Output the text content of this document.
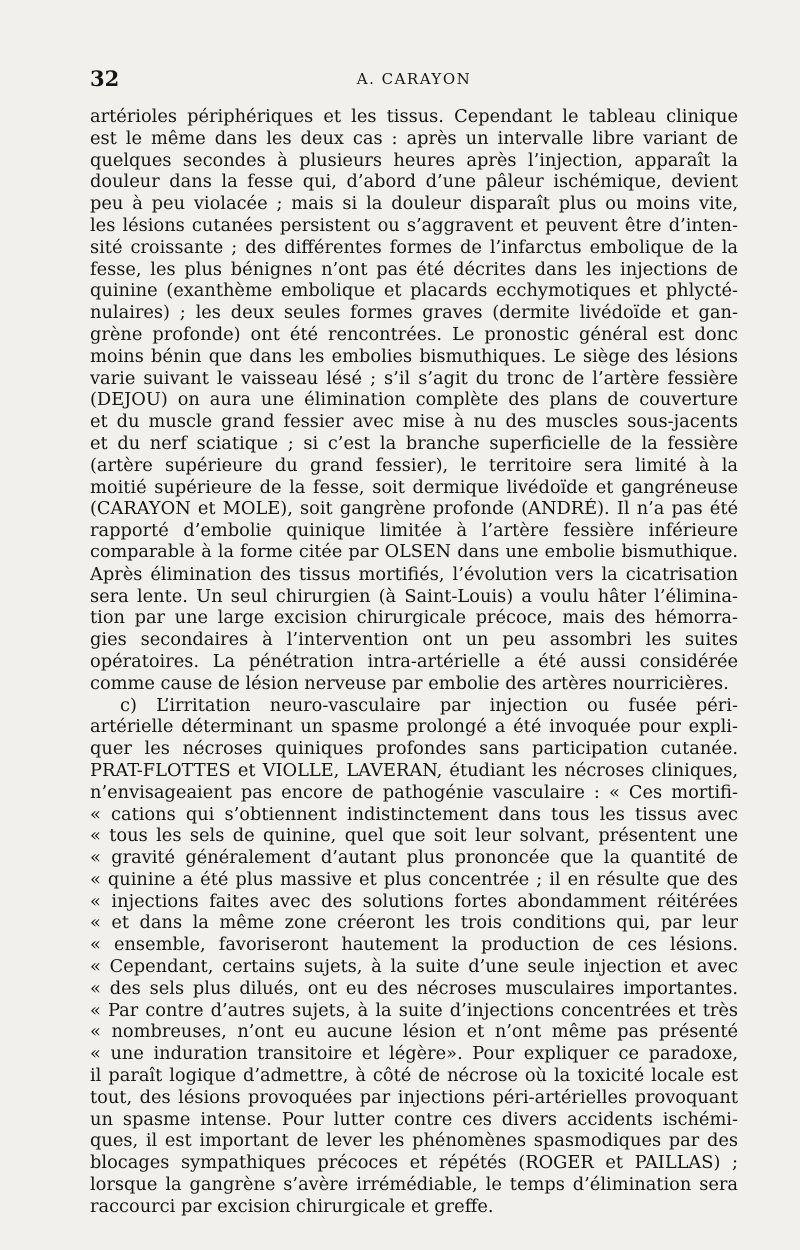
32	A. CARAYON
artérioles périphériques et les tissus. Cependant le tableau clinique
est le même dans les deux cas : après un intervalle libre variant de
quelques secondes à plusieurs heures après l’injection, apparaît la
douleur dans la fesse qui, d’abord d’une pâleur ischémique, devient
peu à peu violacée ; mais si la douleur disparaît plus ou moins vite,
les lésions cutanées persistent ou s’aggravent et peuvent être d’inten-
sité croissante ; des différentes formes de l’infarctus embolique de la
fesse, les plus bénignes n’ont pas été décrites dans les injections de
quinine (exanthème embolique et placards ecchymotiques et phlycté-
nulaires) ; les deux seules formes graves (dermite livédoïde et gan-
grène profonde) ont été rencontrées. Le pronostic général est donc
moins bénin que dans les embolies bismuthiques. Le siège des lésions
varie suivant le vaisseau lésé ; s’il s’agit du tronc de l’artère fessière
(DEJOU) on aura une élimination complète des plans de couverture
et du muscle grand fessier avec mise à nu des muscles sous-jacents
et du nerf sciatique ; si c’est la branche superficielle de la fessière
(artère supérieure du grand fessier), le territoire sera limité à la
moitié supérieure de la fesse, soit dermique livédoïde et gangréneuse
(CARAYON et MOLE), soit gangrène profonde (ANDRÉ). Il n’a pas été
rapporté d’embolie quinique limitée à l’artère fessière inférieure
comparable à la forme citée par OLSEN dans une embolie bismuthique.
Après élimination des tissus mortifiés, l’évolution vers la cicatrisation
sera lente. Un seul chirurgien (à Saint-Louis) a voulu hâter l’élimina-
tion par une large excision chirurgicale précoce, mais des hémorra-
gies secondaires à l’intervention ont un peu assombri les suites
opératoires. La pénétration intra-artérielle a été aussi considérée
comme cause de lésion nerveuse par embolie des artères nourricières.
c) L’irritation neuro-vasculaire par injection ou fusée péri-
artérielle déterminant un spasme prolongé a été invoquée pour expli-
quer les nécroses quiniques profondes sans participation cutanée.
PRAT-FLOTTES et VIOLLE, LAVERAN, étudiant les nécroses cliniques,
n’envisageaient pas encore de pathogénie vasculaire : « Ces mortifi-
« cations qui s’obtiennent indistinctement dans tous les tissus avec
« tous les sels de quinine, quel que soit leur solvant, présentent une
« gravité généralement d’autant plus prononcée que la quantité de
« quinine a été plus massive et plus concentrée ; il en résulte que des
« injections faites avec des solutions fortes abondamment réitérées
« et dans la même zone créeront les trois conditions qui, par leur
« ensemble, favoriseront hautement la production de ces lésions.
« Cependant, certains sujets, à la suite d’une seule injection et avec
« des sels plus dilués, ont eu des nécroses musculaires importantes.
« Par contre d’autres sujets, à la suite d’injections concentrées et très
« nombreuses, n’ont eu aucune lésion et n’ont même pas présenté
« une induration transitoire et légère». Pour expliquer ce paradoxe,
il paraît logique d’admettre, à côté de nécrose où la toxicité locale est
tout, des lésions provoquées par injections péri-artérielles provoquant
un spasme intense. Pour lutter contre ces divers accidents ischémi-
ques, il est important de lever les phénomènes spasmodiques par des
blocages sympathiques précoces et répétés (ROGER et PAILLAS) ;
lorsque la gangrène s’avère irrémédiable, le temps d’élimination sera
raccourci par excision chirurgicale et greffe.
